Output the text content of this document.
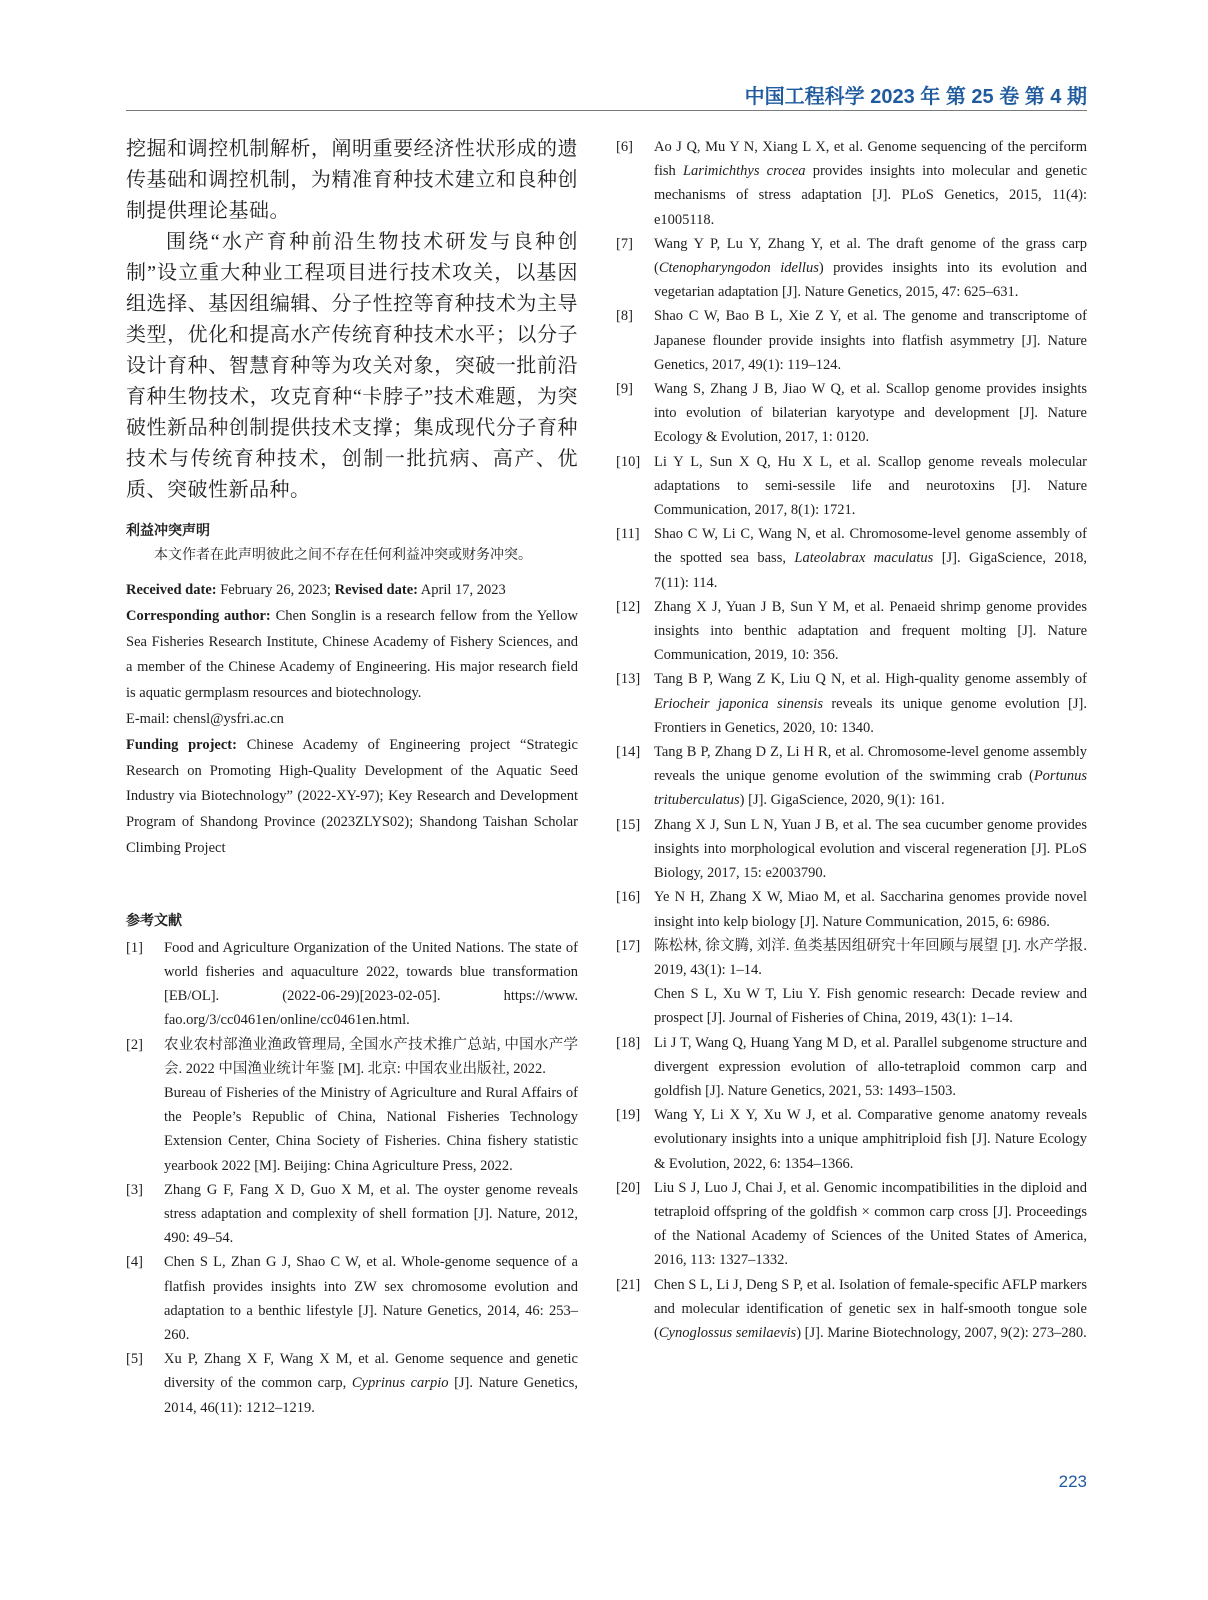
中国工程科学 2023 年 第 25 卷 第 4 期

挖掘和调控机制解析，阐明重要经济性状形成的遗传基础和调控机制，为精准育种技术建立和良种创制提供理论基础。

围绕“水产育种前沿生物技术研发与良种创制”设立重大种业工程项目进行技术攻关，以基因组选择、基因组编辑、分子性控等育种技术为主导类型，优化和提高水产传统育种技术水平；以分子设计育种、智慧育种等为攻关对象，突破一批前沿育种生物技术，攻克育种“卡脖子”技术难题，为突破性新品种创制提供技术支撑；集成现代分子育种技术与传统育种技术，创制一批抗病、高产、优质、突破性新品种。

利益冲突声明

本文作者在此声明彼此之间不存在任何利益冲突或财务冲突。

Received date: February 26, 2023; Revised date: April 17, 2023

Corresponding author: Chen Songlin is a research fellow from the Yellow Sea Fisheries Research Institute, Chinese Academy of Fishery Sciences, and a member of the Chinese Academy of Engineering. His major research field is aquatic germplasm resources and biotechnology.

E-mail: chensl@ysfri.ac.cn

Funding project: Chinese Academy of Engineering project “Strategic Research on Promoting High-Quality Development of the Aquatic Seed Industry via Biotechnology” (2022-XY-97); Key Research and Development Program of Shandong Province (2023ZLYS02); Shandong Taishan Scholar Climbing Project

参考文献

[1] Food and Agriculture Organization of the United Nations. The state of world fisheries and aquaculture 2022, towards blue transformation [EB/OL]. (2022-06-29)[2023-02-05]. https://www. fao.org/3/cc0461en/online/cc0461en.html.
[2] 农业农村部渔业渔政管理局, 全国水产技术推广总站, 中国水产学会. 2022 中国渔业统计年鉴 [M]. 北京: 中国农业出版社, 2022.
Bureau of Fisheries of the Ministry of Agriculture and Rural Affairs of the People’s Republic of China, National Fisheries Technology Extension Center, China Society of Fisheries. China fishery statistic yearbook 2022 [M]. Beijing: China Agriculture Press, 2022.
[3] Zhang G F, Fang X D, Guo X M, et al. The oyster genome reveals stress adaptation and complexity of shell formation [J]. Nature, 2012, 490: 49–54.
[4] Chen S L, Zhan G J, Shao C W, et al. Whole-genome sequence of a flatfish provides insights into ZW sex chromosome evolution and adaptation to a benthic lifestyle [J]. Nature Genetics, 2014, 46: 253–260.
[5] Xu P, Zhang X F, Wang X M, et al. Genome sequence and genetic diversity of the common carp, Cyprinus carpio [J]. Nature Genetics, 2014, 46(11): 1212–1219.
[6] Ao J Q, Mu Y N, Xiang L X, et al. Genome sequencing of the perciform fish Larimichthys crocea provides insights into molecular and genetic mechanisms of stress adaptation [J]. PLoS Genetics, 2015, 11(4): e1005118.
[7] Wang Y P, Lu Y, Zhang Y, et al. The draft genome of the grass carp (Ctenopharyngodon idellus) provides insights into its evolution and vegetarian adaptation [J]. Nature Genetics, 2015, 47: 625–631.
[8] Shao C W, Bao B L, Xie Z Y, et al. The genome and transcriptome of Japanese flounder provide insights into flatfish asymmetry [J]. Nature Genetics, 2017, 49(1): 119–124.
[9] Wang S, Zhang J B, Jiao W Q, et al. Scallop genome provides insights into evolution of bilaterian karyotype and development [J]. Nature Ecology & Evolution, 2017, 1: 0120.
[10] Li Y L, Sun X Q, Hu X L, et al. Scallop genome reveals molecular adaptations to semi-sessile life and neurotoxins [J]. Nature Communication, 2017, 8(1): 1721.
[11] Shao C W, Li C, Wang N, et al. Chromosome-level genome assembly of the spotted sea bass, Lateolabrax maculatus [J]. GigaScience, 2018, 7(11): 114.
[12] Zhang X J, Yuan J B, Sun Y M, et al. Penaeid shrimp genome provides insights into benthic adaptation and frequent molting [J]. Nature Communication, 2019, 10: 356.
[13] Tang B P, Wang Z K, Liu Q N, et al. High-quality genome assembly of Eriocheir japonica sinensis reveals its unique genome evolution [J]. Frontiers in Genetics, 2020, 10: 1340.
[14] Tang B P, Zhang D Z, Li H R, et al. Chromosome-level genome assembly reveals the unique genome evolution of the swimming crab (Portunus trituberculatus) [J]. GigaScience, 2020, 9(1): 161.
[15] Zhang X J, Sun L N, Yuan J B, et al. The sea cucumber genome provides insights into morphological evolution and visceral regeneration [J]. PLoS Biology, 2017, 15: e2003790.
[16] Ye N H, Zhang X W, Miao M, et al. Saccharina genomes provide novel insight into kelp biology [J]. Nature Communication, 2015, 6: 6986.
[17] 陈松林, 徐文腾, 刘洋. 鱼类基因组研究十年回顾与展望 [J]. 水产学报. 2019, 43(1): 1–14.
Chen S L, Xu W T, Liu Y. Fish genomic research: Decade review and prospect [J]. Journal of Fisheries of China, 2019, 43(1): 1–14.
[18] Li J T, Wang Q, Huang Yang M D, et al. Parallel subgenome structure and divergent expression evolution of allo-tetraploid common carp and goldfish [J]. Nature Genetics, 2021, 53: 1493–1503.
[19] Wang Y, Li X Y, Xu W J, et al. Comparative genome anatomy reveals evolutionary insights into a unique amphitriploid fish [J]. Nature Ecology & Evolution, 2022, 6: 1354–1366.
[20] Liu S J, Luo J, Chai J, et al. Genomic incompatibilities in the diploid and tetraploid offspring of the goldfish × common carp cross [J]. Proceedings of the National Academy of Sciences of the United States of America, 2016, 113: 1327–1332.
[21] Chen S L, Li J, Deng S P, et al. Isolation of female-specific AFLP markers and molecular identification of genetic sex in half-smooth tongue sole (Cynoglossus semilaevis) [J]. Marine Biotechnology, 2007, 9(2): 273–280.
223
